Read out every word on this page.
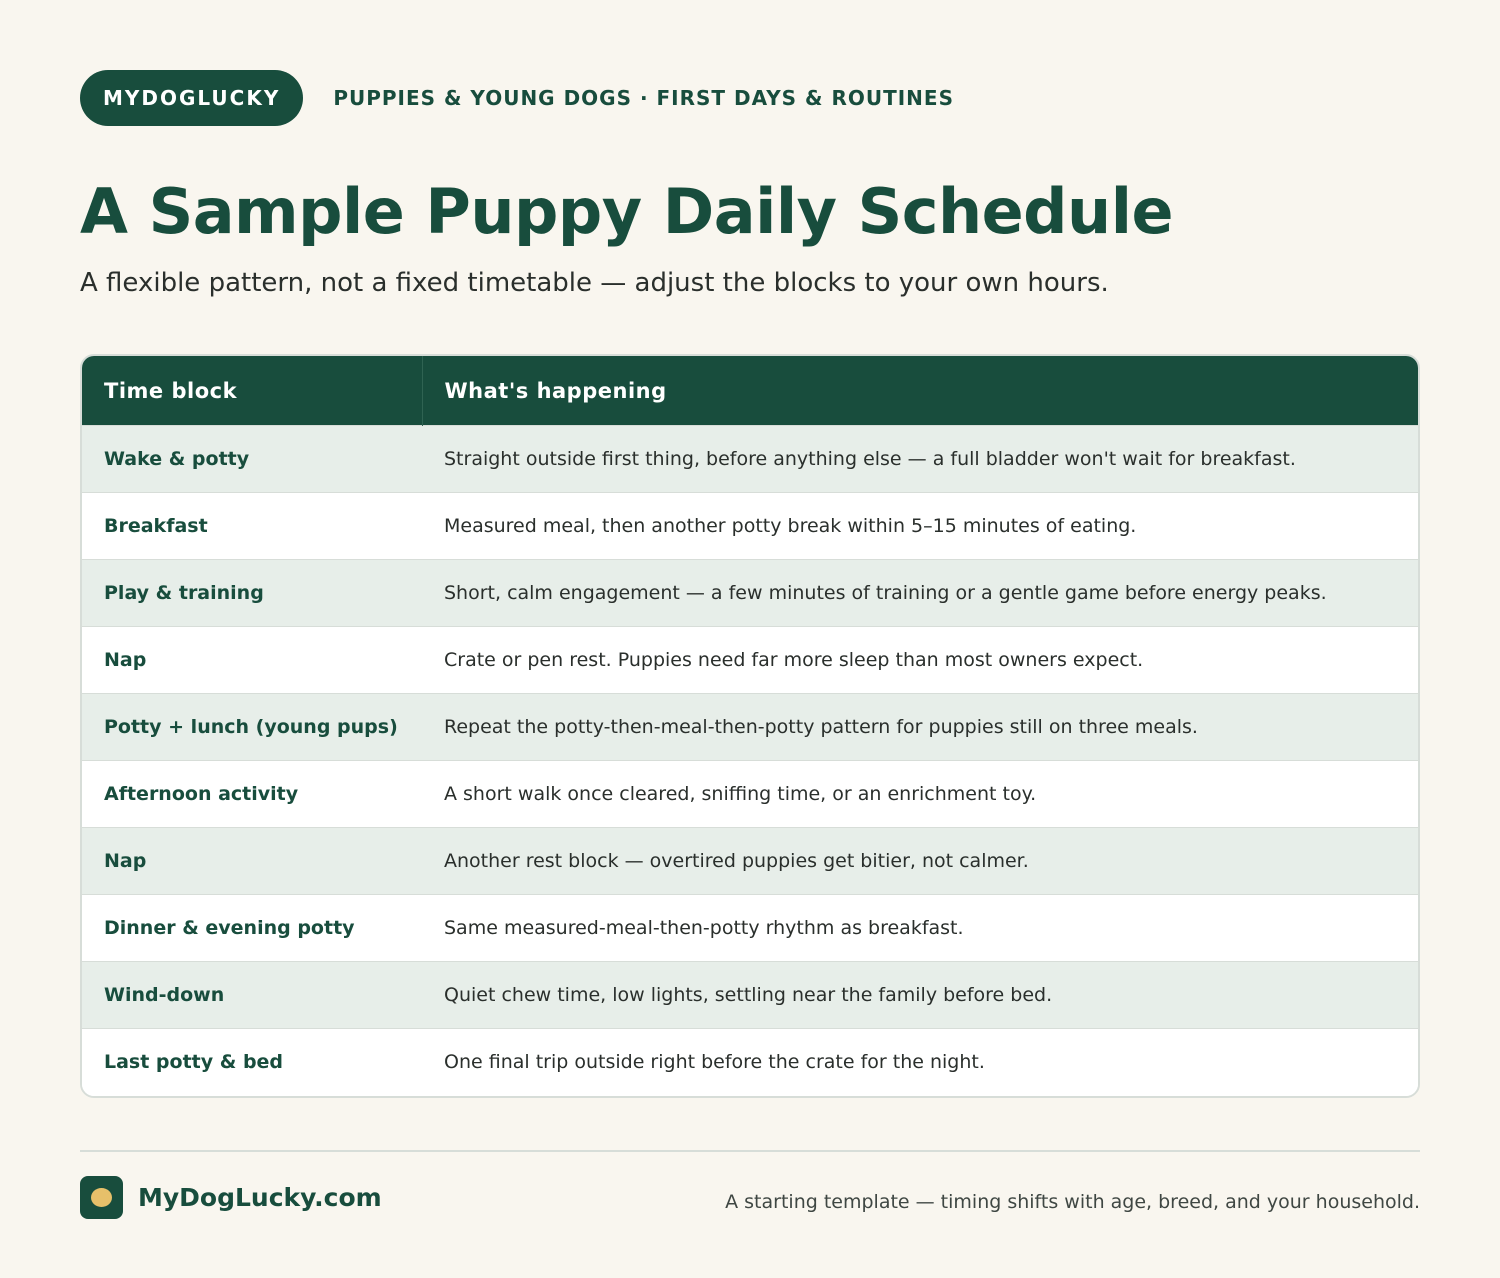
MYDOGLUCKY	PUPPIES & YOUNG DOGS · FIRST DAYS & ROUTINES
A Sample Puppy Daily Schedule
A flexible pattern, not a fixed timetable — adjust the blocks to your own hours.
Time block	What's happening
Wake & potty	Straight outside first thing, before anything else — a full bladder won't wait for breakfast.
Breakfast	Measured meal, then another potty break within 5–15 minutes of eating.
Play & training	Short, calm engagement — a few minutes of training or a gentle game before energy peaks.
Nap	Crate or pen rest. Puppies need far more sleep than most owners expect.
Potty + lunch (young pups)	Repeat the potty-then-meal-then-potty pattern for puppies still on three meals.
Afternoon activity	A short walk once cleared, sniffing time, or an enrichment toy.
Nap	Another rest block — overtired puppies get bitier, not calmer.
Dinner & evening potty	Same measured-meal-then-potty rhythm as breakfast.
Wind-down	Quiet chew time, low lights, settling near the family before bed.
Last potty & bed	One final trip outside right before the crate for the night.
MyDogLucky.com	A starting template — timing shifts with age, breed, and your household.
